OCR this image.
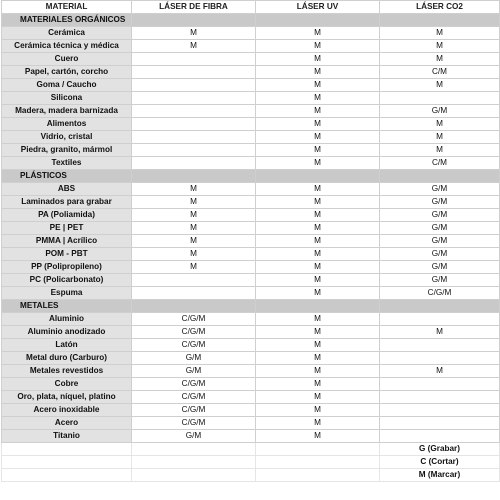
MATERIAL	LÁSER DE FIBRA	LÁSER UV	LÁSER CO2
MATERIALES ORGÁNICOS			
Cerámica	M	M	M
Cerámica técnica y médica	M	M	M
Cuero		M	M
Papel, cartón, corcho		M	C/M
Goma / Caucho		M	M
Silicona		M	
Madera, madera barnizada		M	G/M
Alimentos		M	M
Vidrio, cristal		M	M
Piedra, granito, mármol		M	M
Textiles		M	C/M
PLÁSTICOS			
ABS	M	M	G/M
Laminados para grabar	M	M	G/M
PA (Poliamida)	M	M	G/M
PE | PET	M	M	G/M
PMMA | Acrílico	M	M	G/M
POM - PBT	M	M	G/M
PP (Polipropileno)	M	M	G/M
PC (Policarbonato)		M	G/M
Espuma		M	C/G/M
METALES			
Aluminio	C/G/M	M	
Aluminio anodizado	C/G/M	M	M
Latón	C/G/M	M	
Metal duro (Carburo)	G/M	M	
Metales revestidos	G/M	M	M
Cobre	C/G/M	M	
Oro, plata, níquel, platino	C/G/M	M	
Acero inoxidable	C/G/M	M	
Acero	C/G/M	M	
Titanio	G/M	M	
			G (Grabar)
			C (Cortar)
			M (Marcar)
